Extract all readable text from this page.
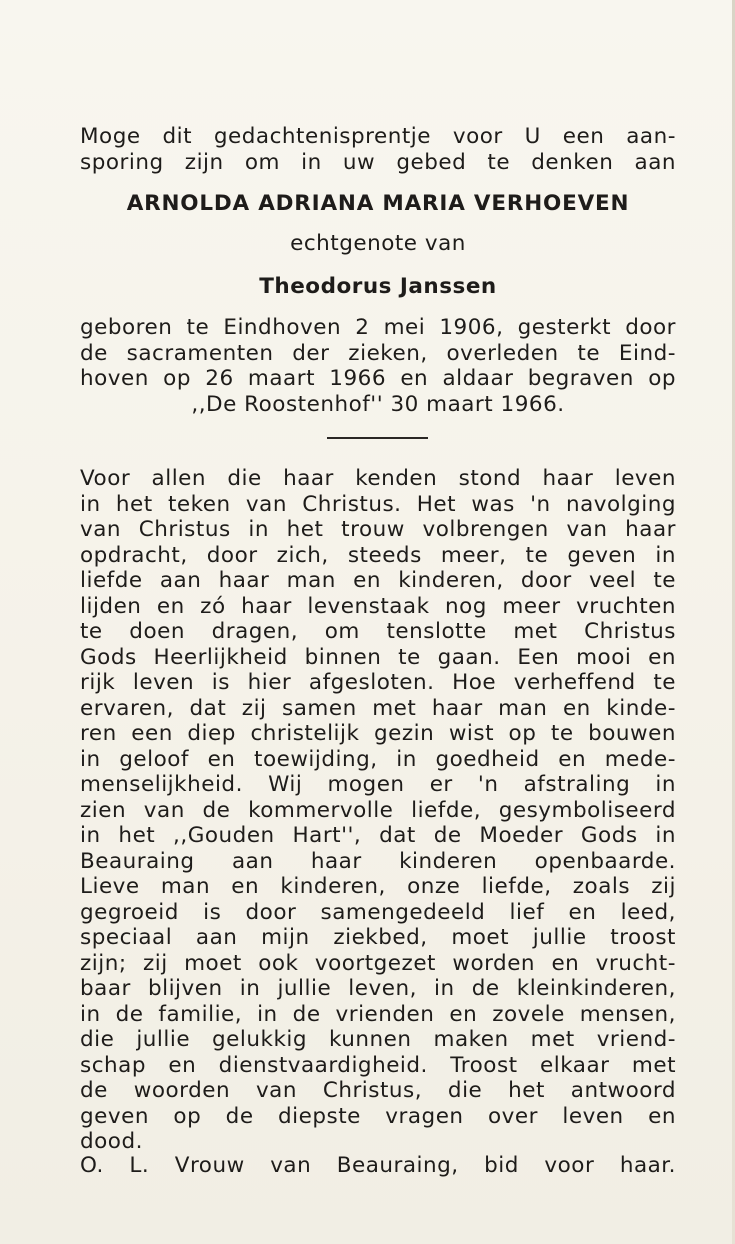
Moge dit gedachtenisprentje voor U een aan-
sporing zijn om in uw gebed te denken aan
ARNOLDA ADRIANA MARIA VERHOEVEN
echtgenote van
Theodorus Janssen
geboren te Eindhoven 2 mei 1906, gesterkt door
de sacramenten der zieken, overleden te Eind-
hoven op 26 maart 1966 en aldaar begraven op
,,De Roostenhof'' 30 maart 1966.
Voor allen die haar kenden stond haar leven
in het teken van Christus. Het was 'n navolging
van Christus in het trouw volbrengen van haar
opdracht, door zich, steeds meer, te geven in
liefde aan haar man en kinderen, door veel te
lijden en zó haar levenstaak nog meer vruchten
te doen dragen, om tenslotte met Christus
Gods Heerlijkheid binnen te gaan. Een mooi en
rijk leven is hier afgesloten. Hoe verheffend te
ervaren, dat zij samen met haar man en kinde-
ren een diep christelijk gezin wist op te bouwen
in geloof en toewijding, in goedheid en mede-
menselijkheid. Wij mogen er 'n afstraling in
zien van de kommervolle liefde, gesymboliseerd
in het ,,Gouden Hart'', dat de Moeder Gods in
Beauraing aan haar kinderen openbaarde.
Lieve man en kinderen, onze liefde, zoals zij
gegroeid is door samengedeeld lief en leed,
speciaal aan mijn ziekbed, moet jullie troost
zijn; zij moet ook voortgezet worden en vrucht-
baar blijven in jullie leven, in de kleinkinderen,
in de familie, in de vrienden en zovele mensen,
die jullie gelukkig kunnen maken met vriend-
schap en dienstvaardigheid. Troost elkaar met
de woorden van Christus, die het antwoord
geven op de diepste vragen over leven en
dood.
O. L. Vrouw van Beauraing, bid voor haar.
